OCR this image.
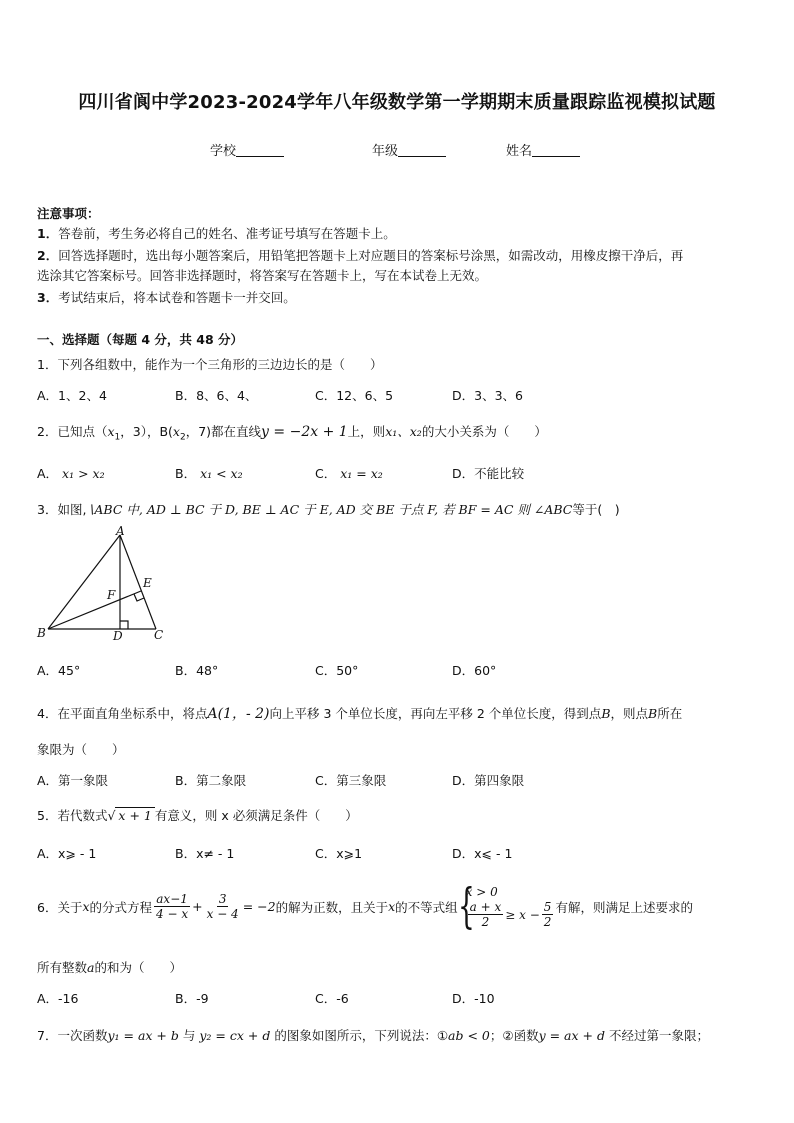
四川省阆中学2023-2024学年八年级数学第一学期期末质量跟踪监视模拟试题
学校	年级	姓名
注意事项：
1．答卷前，考生务必将自己的姓名、准考证号填写在答题卡上。
2．回答选择题时，选出每小题答案后，用铅笔把答题卡上对应题目的答案标号涂黑，如需改动，用橡皮擦干净后，再
选涂其它答案标号。回答非选择题时，将答案写在答题卡上，写在本试卷上无效。
3．考试结束后，将本试卷和答题卡一并交回。
一、选择题（每题 4 分，共 48 分）
1．下列各组数中，能作为一个三角形的三边边长的是（　　）
A．1、2、4	B．8、6、4、	C．12、6、5	D．3、3、6
2．已知点（$x_1$，3），$B(x_2$，7)都在直线y = −2x + 1上，则x₁、x₂的大小关系为（　　）
A． x₁ > x₂	B． x₁ < x₂	C． x₁ = x₂	D．不能比较
3．如图,∖ABC 中, AD ⊥ BC 于 D, BE ⊥ AC 于 E, AD 交 BE 于点 F, 若 BF = AC 则 ∠ABC等于(　)
A
B	C
D
E
F
A．45°	B．48°	C．50°	D．60°
4．在平面直角坐标系中，将点A(1，- 2)向上平移 3 个单位长度，再向左平移 2 个单位长度，得到点B，则点B所在
象限为（　　）
A．第一象限	B．第二象限	C．第三象限	D．第四象限
5．若代数式√ x + 1 有意义，则 x 必须满足条件（　　）
A．x⩾ - 1	B．x≠ - 1	C．x⩾1	D．x⩽ - 1
6．关于 x 的分式方程 $\frac{ax-1}{4 - x} + \frac{3}{x - 4} = -2$ 的解为正数，且关于 x 的不等式组 {
x > 0
$\frac{a + x}{2} \ge x - \frac{5}{2}$ 有解，则满足上述要求的
所有整数a的和为（　　）
A．-16	B．-9	C．-6	D．-10
7．一次函数y₁ = ax + b 与 y₂ = cx + d 的图象如图所示，下列说法：①ab < 0；②函数y = ax + d 不经过第一象限；
